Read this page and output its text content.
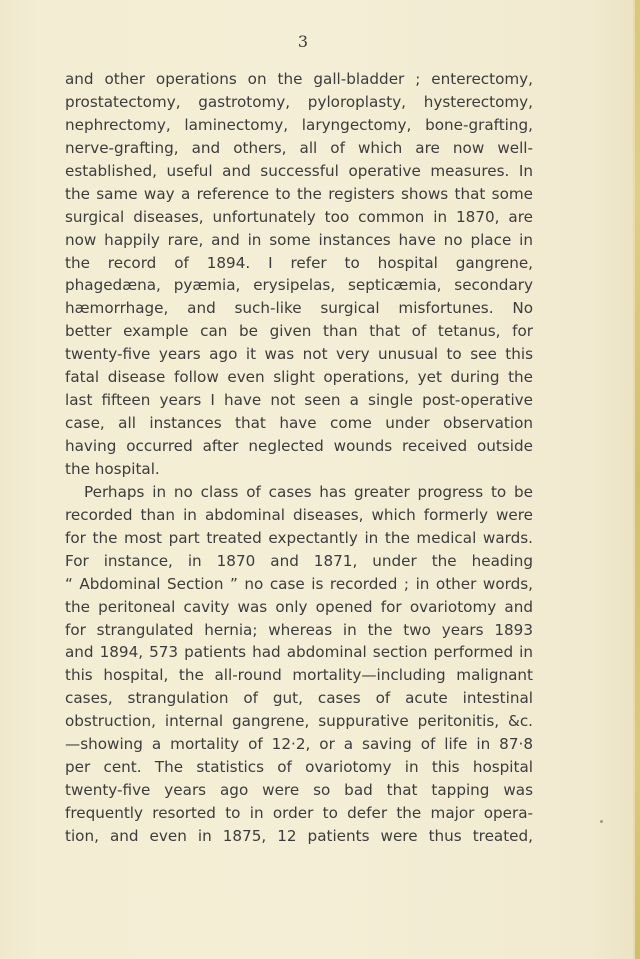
3
and other operations on the gall-bladder ; enterectomy,
prostatectomy, gastrotomy, pyloroplasty, hysterectomy,
nephrectomy, laminectomy, laryngectomy, bone-grafting,
nerve-grafting, and others, all of which are now well-
established, useful and successful operative measures. In
the same way a reference to the registers shows that some
surgical diseases, unfortunately too common in 1870, are
now happily rare, and in some instances have no place in
the record of 1894. I refer to hospital gangrene,
phagedæna, pyæmia, erysipelas, septicæmia, secondary
hæmorrhage, and such-like surgical misfortunes. No
better example can be given than that of tetanus, for
twenty-five years ago it was not very unusual to see this
fatal disease follow even slight operations, yet during the
last fifteen years I have not seen a single post-operative
case, all instances that have come under observation
having occurred after neglected wounds received outside
the hospital.
Perhaps in no class of cases has greater progress to be
recorded than in abdominal diseases, which formerly were
for the most part treated expectantly in the medical wards.
For instance, in 1870 and 1871, under the heading
“ Abdominal Section ” no case is recorded ; in other words,
the peritoneal cavity was only opened for ovariotomy and
for strangulated hernia; whereas in the two years 1893
and 1894, 573 patients had abdominal section performed in
this hospital, the all-round mortality—including malignant
cases, strangulation of gut, cases of acute intestinal
obstruction, internal gangrene, suppurative peritonitis, &c.
—showing a mortality of 12·2, or a saving of life in 87·8
per cent. The statistics of ovariotomy in this hospital
twenty-five years ago were so bad that tapping was
frequently resorted to in order to defer the major opera-
tion, and even in 1875, 12 patients were thus treated,
